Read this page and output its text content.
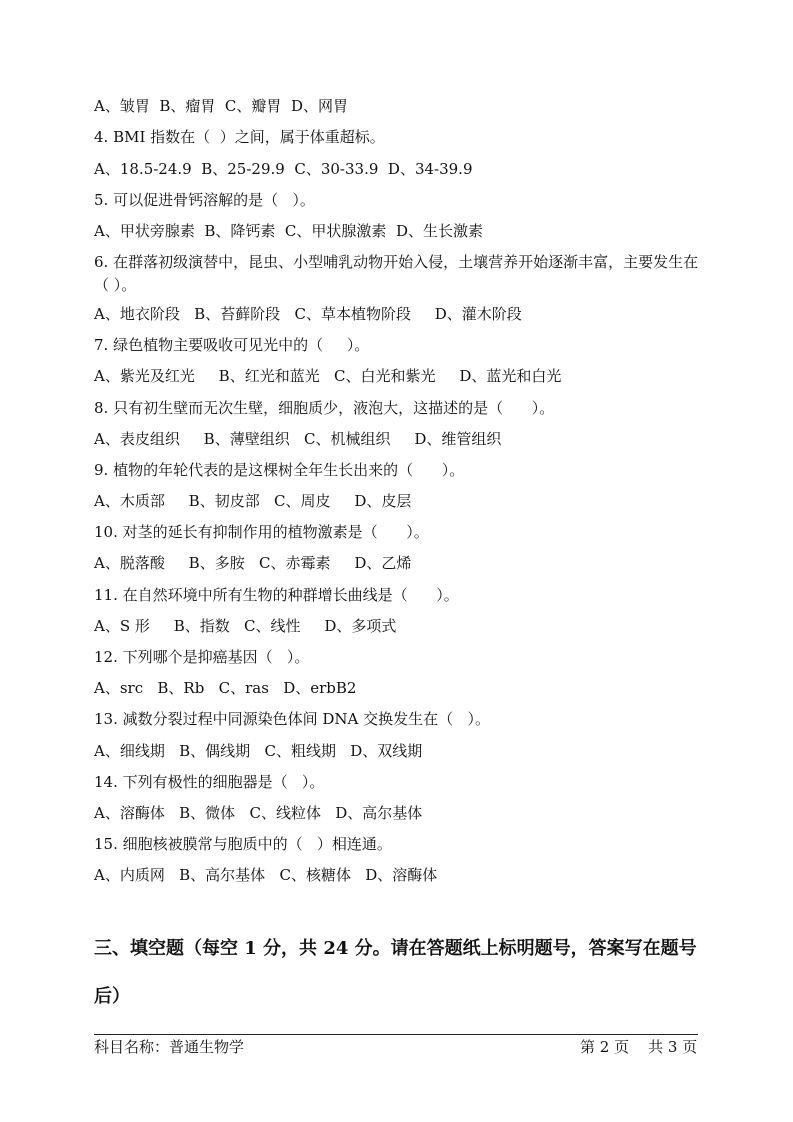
A、皱胃  B、瘤胃  C、瓣胃  D、网胃
4. BMI 指数在（  ）之间，属于体重超标。
A、18.5-24.9  B、25-29.9  C、30-33.9  D、34-39.9
5. 可以促进骨钙溶解的是（   ）。
A、甲状旁腺素  B、降钙素  C、甲状腺激素  D、生长激素
6. 在群落初级演替中，昆虫、小型哺乳动物开始入侵，土壤营养开始逐渐丰富，主要发生在（ ）。
A、地衣阶段   B、苔藓阶段   C、草本植物阶段     D、灌木阶段
7. 绿色植物主要吸收可见光中的（     ）。
A、紫光及红光     B、红光和蓝光   C、白光和紫光     D、蓝光和白光
8. 只有初生壁而无次生壁，细胞质少，液泡大，这描述的是（      ）。
A、表皮组织     B、薄壁组织   C、机械组织     D、维管组织
9. 植物的年轮代表的是这棵树全年生长出来的（      ）。
A、木质部     B、韧皮部   C、周皮     D、皮层
10. 对茎的延长有抑制作用的植物激素是（      ）。
A、脱落酸     B、多胺   C、赤霉素     D、乙烯
11. 在自然环境中所有生物的种群增长曲线是（      ）。
A、S 形     B、指数   C、线性     D、多项式
12. 下列哪个是抑癌基因（   ）。
A、src   B、Rb   C、ras   D、erbB2
13. 减数分裂过程中同源染色体间 DNA 交换发生在（   ）。
A、细线期   B、偶线期   C、粗线期   D、双线期
14. 下列有极性的细胞器是（   ）。
A、溶酶体   B、微体   C、线粒体   D、高尔基体
15. 细胞核被膜常与胞质中的（   ）相连通。
A、内质网   B、高尔基体   C、核糖体   D、溶酶体
三、填空题（每空 1 分，共 24 分。请在答题纸上标明题号，答案写在题号后）
科目名称：普通生物学	第 2 页    共 3 页
